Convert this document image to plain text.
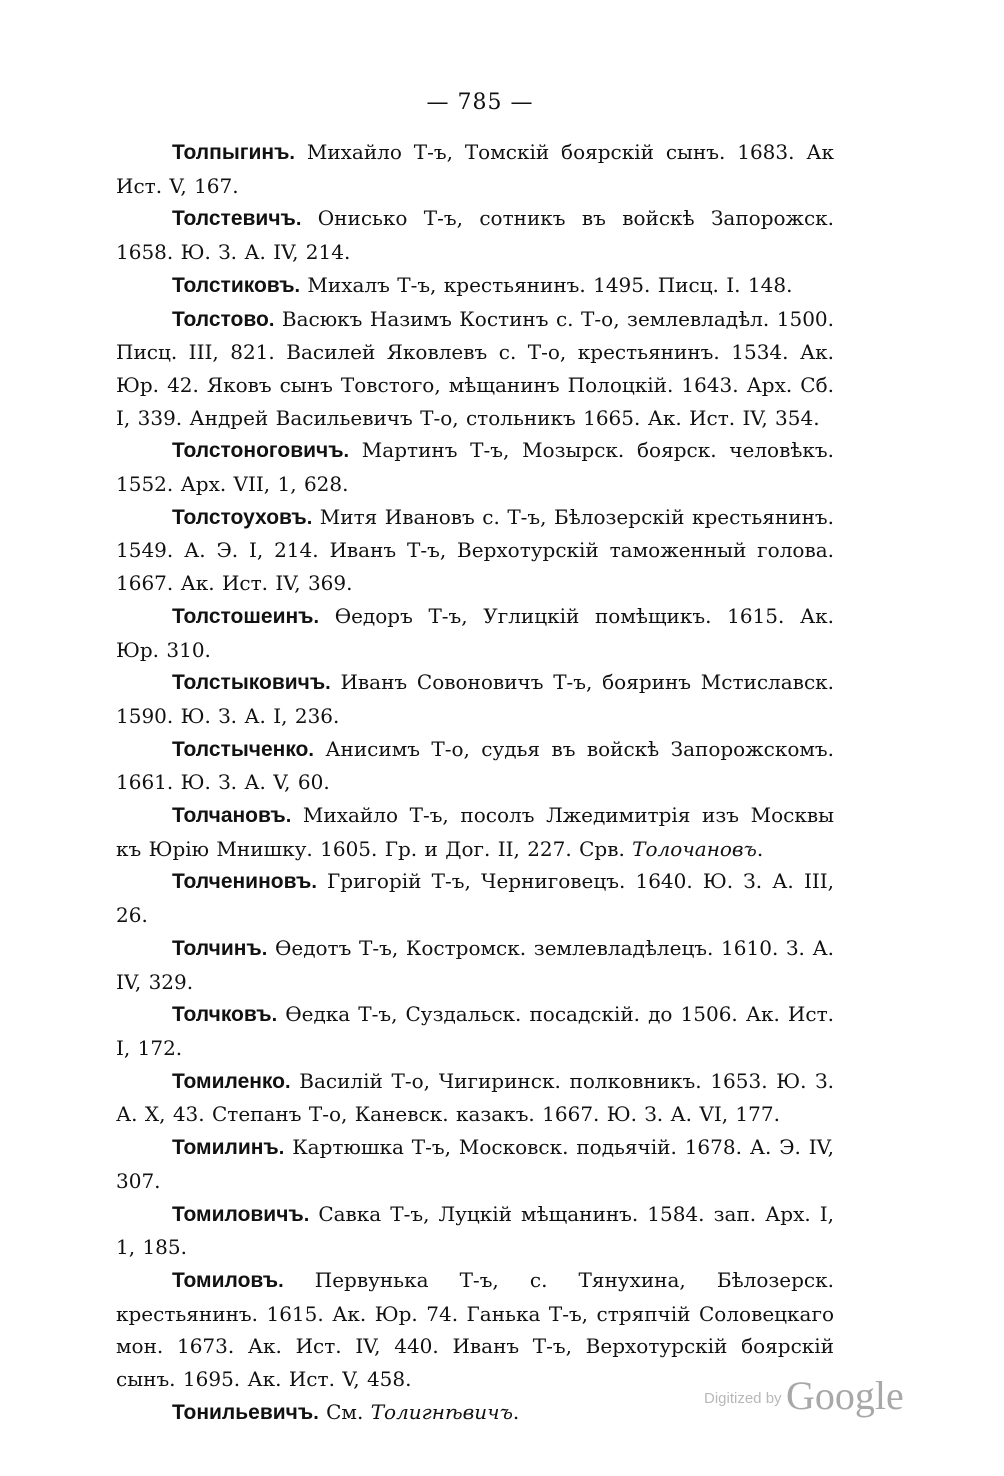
— 785 —

Толпыгинъ. Михайло Т-ъ, Томскій боярскій сынъ. 1683. Ак Ист. V, 167.

Толстевичъ. Онисько Т-ъ, сотникъ въ войскѣ Запорожск. 1658. Ю. З. А. IV, 214.

Толстиковъ. Михалъ Т-ъ, крестьянинъ. 1495. Писц. I. 148.

Толстово. Васюкъ Назимъ Костинъ с. Т-о, землевладѣл. 1500. Писц. III, 821. Василей Яковлевъ с. Т-о, крестьянинъ. 1534. Ак. Юр. 42. Яковъ сынъ Товстого, мѣщанинъ Полоцкій. 1643. Арх. Сб. I, 339. Андрей Васильевичъ Т-о, стольникъ 1665. Ак. Ист. IV, 354.

Толстоноговичъ. Мартинъ Т-ъ, Мозырск. боярск. человѣкъ. 1552. Арх. VII, 1, 628.

Толстоуховъ. Митя Ивановъ с. Т-ъ, Бѣлозерскій крестьянинъ. 1549. А. Э. I, 214. Иванъ Т-ъ, Верхотурскій таможенный голова. 1667. Ак. Ист. IV, 369.

Толстошеинъ. Ѳедоръ Т-ъ, Углицкій помѣщикъ. 1615. Ак. Юр. 310.

Толстыковичъ. Иванъ Совоновичъ Т-ъ, бояринъ Мстиславск. 1590. Ю. З. А. I, 236.

Толстыченко. Анисимъ Т-о, судья въ войскѣ Запорожскомъ. 1661. Ю. З. А. V, 60.

Толчановъ. Михайло Т-ъ, посолъ Лжедимитрія изъ Москвы къ Юрію Мнишку. 1605. Гр. и Дог. II, 227. Срв. Толочановъ.

Толчениновъ. Григорій Т-ъ, Черниговецъ. 1640. Ю. З. А. III, 26.

Толчинъ. Ѳедотъ Т-ъ, Костромск. землевладѣлецъ. 1610. З. А. IV, 329.

Толчковъ. Ѳедка Т-ъ, Суздальск. посадскій. до 1506. Ак. Ист. I, 172.

Томиленко. Василій Т-о, Чигиринск. полковникъ. 1653. Ю. З. А. X, 43. Степанъ Т-о, Каневск. казакъ. 1667. Ю. З. А. VI, 177.

Томилинъ. Картюшка Т-ъ, Московск. подьячій. 1678. А. Э. IV, 307.

Томиловичъ. Савка Т-ъ, Луцкій мѣщанинъ. 1584. зап. Арх. I, 1, 185.

Томиловъ. Первунька Т-ъ, с. Тянухина, Бѣлозерск. крестьянинъ. 1615. Ак. Юр. 74. Ганька Т-ъ, стряпчій Соловецкаго мон. 1673. Ак. Ист. IV, 440. Иванъ Т-ъ, Верхотурскій боярскій сынъ. 1695. Ак. Ист. V, 458.

Тонильевичъ. См. Толигнѣвичъ.

Digitized by Google
